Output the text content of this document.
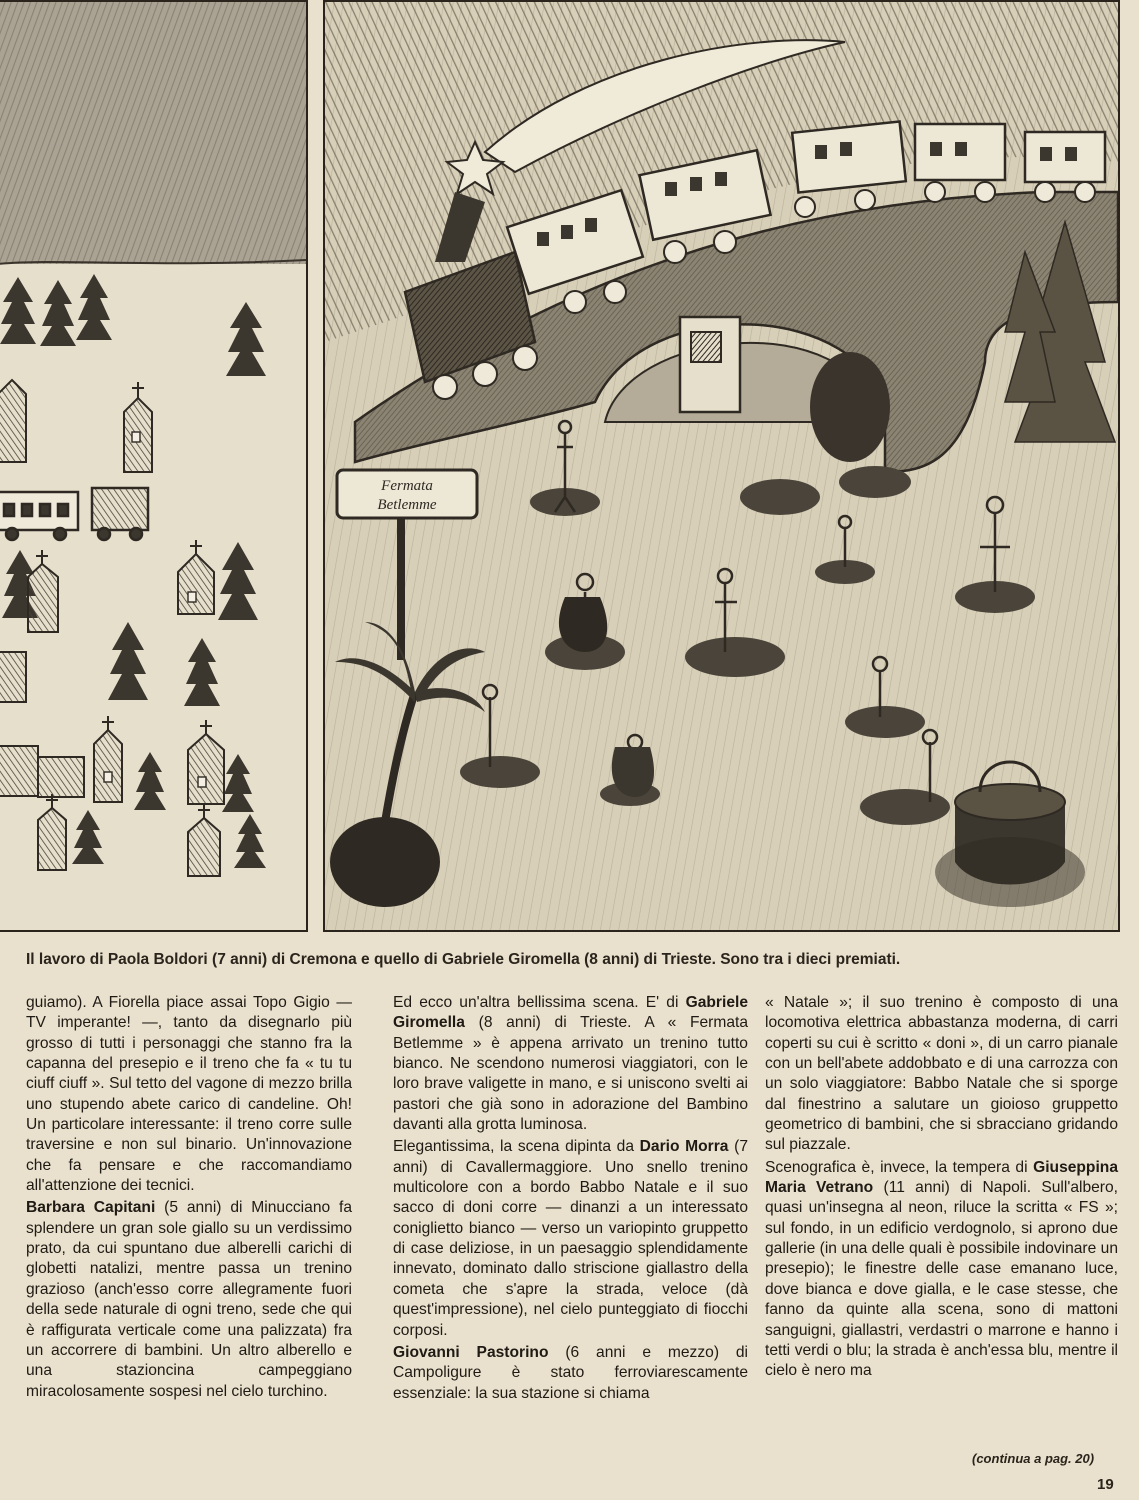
Fermata
Betlemme
Il lavoro di Paola Boldori (7 anni) di Cremona e quello di Gabriele Giromella (8 anni) di Trieste. Sono tra i dieci premiati.

guiamo). A Fiorella piace assai Topo Gigio — TV imperante! —, tanto da disegnarlo più grosso di tutti i personaggi che stanno fra la capanna del presepio e il treno che fa « tu tu ciuff ciuff ». Sul tetto del vagone di mezzo brilla uno stupendo abete carico di candeline. Oh! Un particolare interessante: il treno corre sulle traversine e non sul binario. Un'innovazione che fa pensare e che raccomandiamo all'attenzione dei tecnici.

Barbara Capitani (5 anni) di Minucciano fa splendere un gran sole giallo su un verdissimo prato, da cui spuntano due alberelli carichi di globetti natalizi, mentre passa un trenino grazioso (anch'esso corre allegramente fuori della sede naturale di ogni treno, sede che qui è raffigurata verticale come una palizzata) fra un accorrere di bambini. Un altro alberello e una stazioncina campeggiano miracolosamente sospesi nel cielo turchino.

Ed ecco un'altra bellissima scena. E' di Gabriele Giromella (8 anni) di Trieste. A « Fermata Betlemme » è appena arrivato un trenino tutto bianco. Ne scendono numerosi viaggiatori, con le loro brave valigette in mano, e si uniscono svelti ai pastori che già sono in adorazione del Bambino davanti alla grotta luminosa.

Elegantissima, la scena dipinta da Dario Morra (7 anni) di Cavallermaggiore. Uno snello trenino multicolore con a bordo Babbo Natale e il suo sacco di doni corre — dinanzi a un interessato coniglietto bianco — verso un variopinto gruppetto di case deliziose, in un paesaggio splendidamente innevato, dominato dallo striscione giallastro della cometa che s'apre la strada, veloce (dà quest'impressione), nel cielo punteggiato di fiocchi corposi.

Giovanni Pastorino (6 anni e mezzo) di Campoligure è stato ferroviarescamente essenziale: la sua stazione si chiama

« Natale »; il suo trenino è composto di una locomotiva elettrica abbastanza moderna, di carri coperti su cui è scritto « doni », di un carro pianale con un bell'abete addobbato e di una carrozza con un solo viaggiatore: Babbo Natale che si sporge dal finestrino a salutare un gioioso gruppetto geometrico di bambini, che si sbracciano gridando sul piazzale.

Scenografica è, invece, la tempera di Giuseppina Maria Vetrano (11 anni) di Napoli. Sull'albero, quasi un'insegna al neon, riluce la scritta « FS »; sul fondo, in un edificio verdognolo, si aprono due gallerie (in una delle quali è possibile indovinare un presepio); le finestre delle case emanano luce, dove bianca e dove gialla, e le case stesse, che fanno da quinte alla scena, sono di mattoni sanguigni, giallastri, verdastri o marrone e hanno i tetti verdi o blu; la strada è anch'essa blu, mentre il cielo è nero ma

(continua a pag. 20)
19
